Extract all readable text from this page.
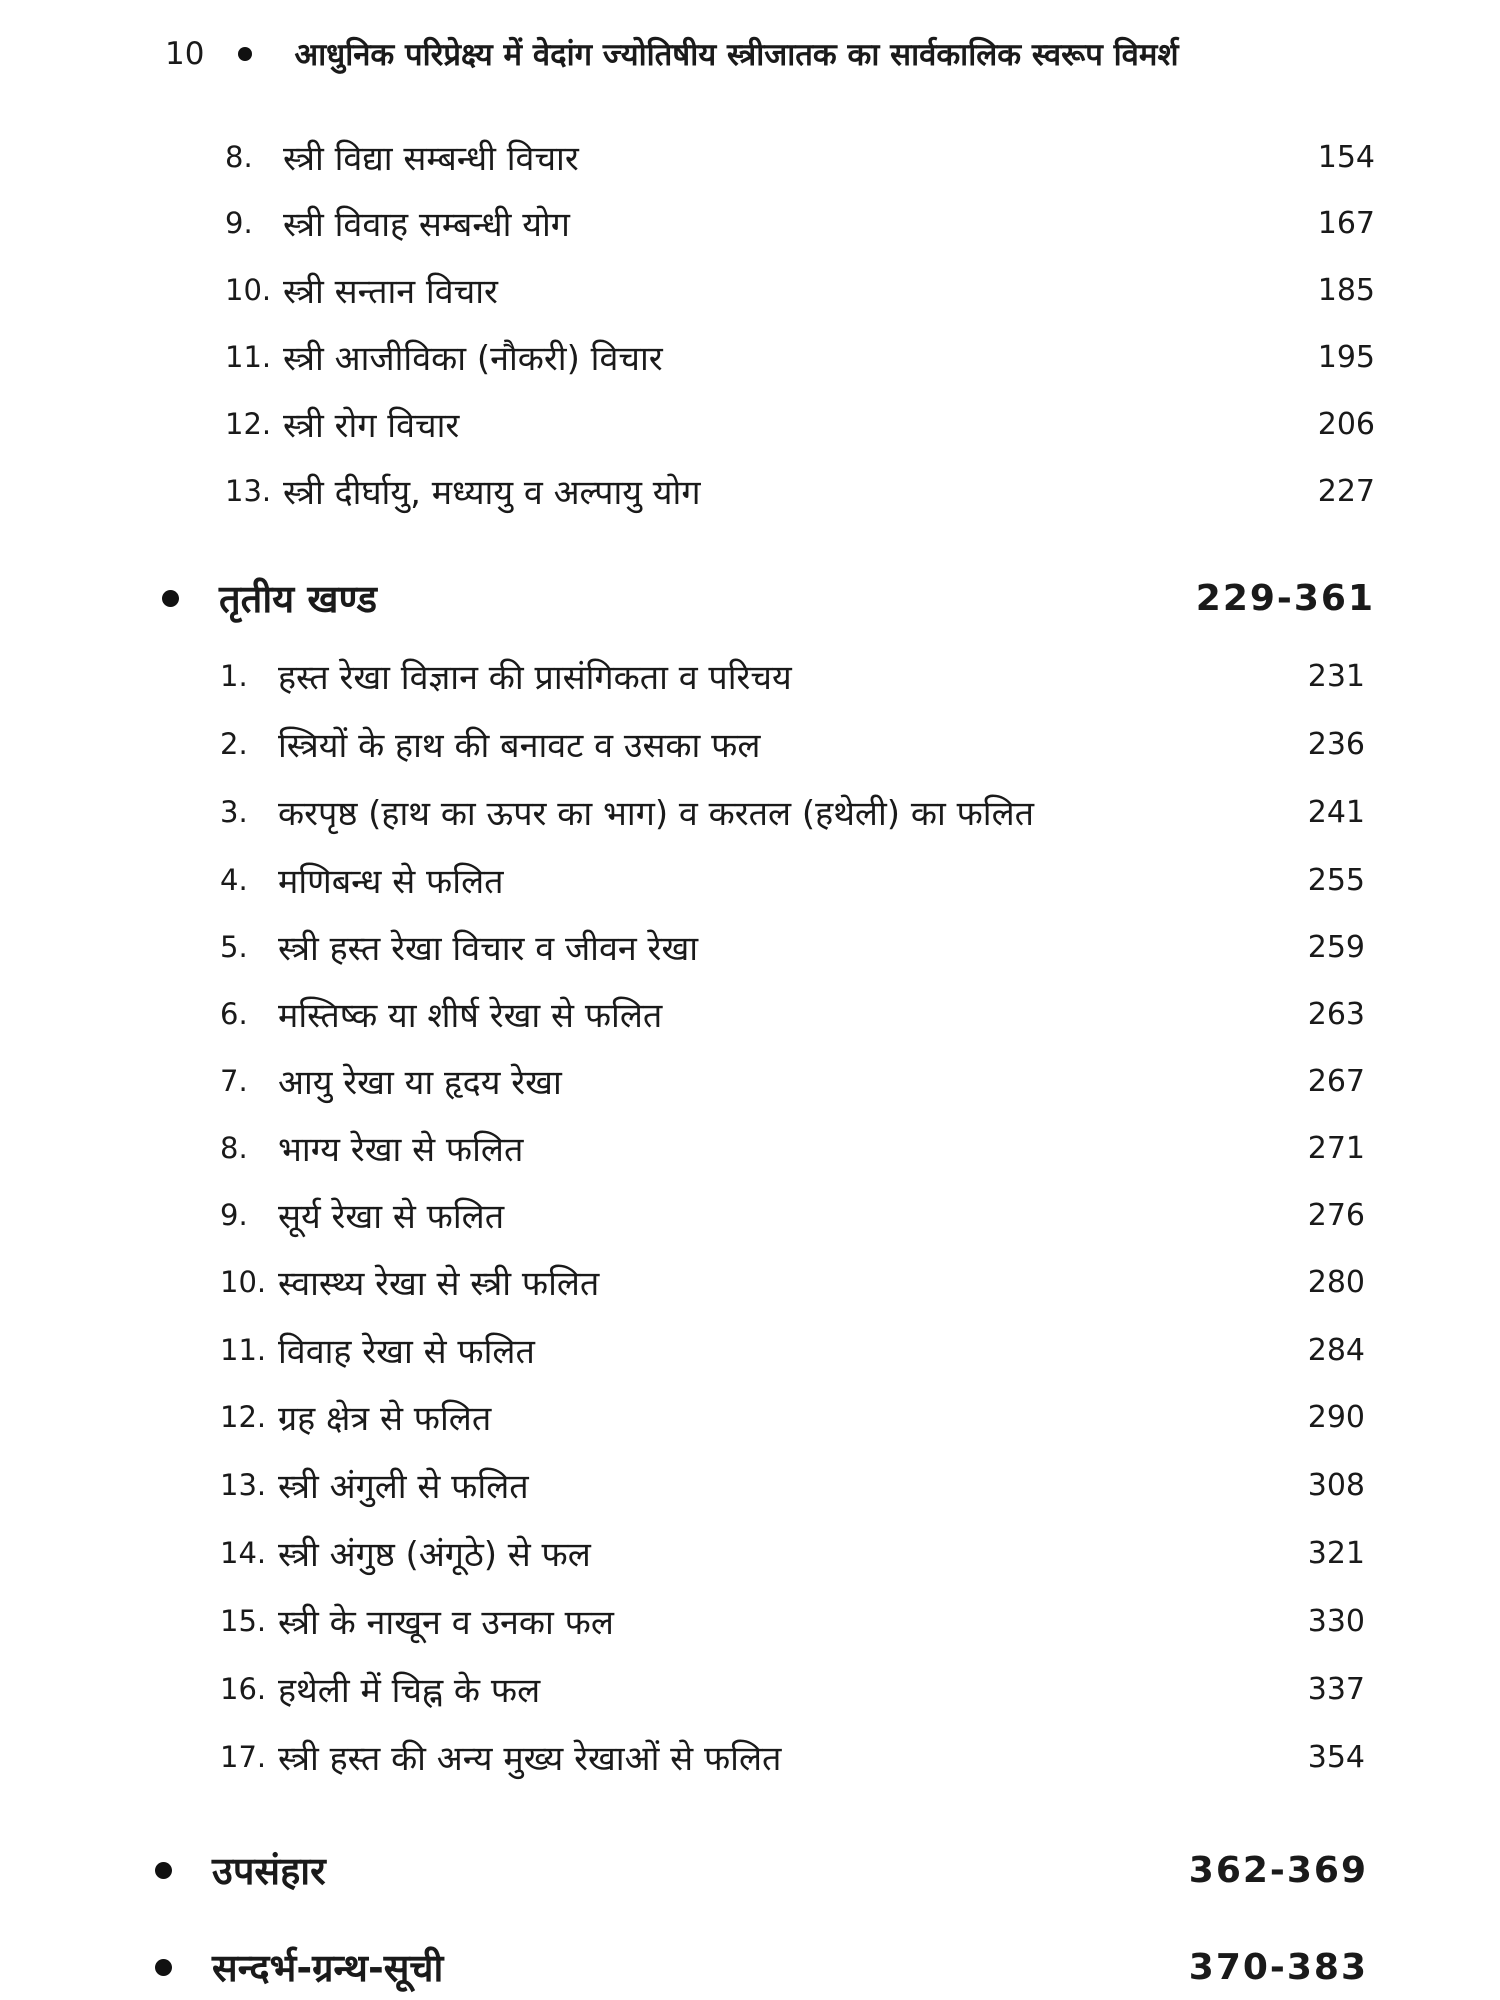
10	आधुनिक परिप्रेक्ष्य में वेदांग ज्योतिषीय स्त्रीजातक का सार्वकालिक स्वरूप विमर्श
8. स्त्री विद्या सम्बन्धी विचार	154
9. स्त्री विवाह सम्बन्धी योग	167
10. स्त्री सन्तान विचार	185
11. स्त्री आजीविका (नौकरी) विचार	195
12. स्त्री रोग विचार	206
13. स्त्री दीर्घायु, मध्यायु व अल्पायु योग	227
तृतीय खण्ड	229-361
1. हस्त रेखा विज्ञान की प्रासंगिकता व परिचय	231
2. स्त्रियों के हाथ की बनावट व उसका फल	236
3. करपृष्ठ (हाथ का ऊपर का भाग) व करतल (हथेली) का फलित	241
4. मणिबन्ध से फलित	255
5. स्त्री हस्त रेखा विचार व जीवन रेखा	259
6. मस्तिष्क या शीर्ष रेखा से फलित	263
7. आयु रेखा या हृदय रेखा	267
8. भाग्य रेखा से फलित	271
9. सूर्य रेखा से फलित	276
10. स्वास्थ्य रेखा से स्त्री फलित	280
11. विवाह रेखा से फलित	284
12. ग्रह क्षेत्र से फलित	290
13. स्त्री अंगुली से फलित	308
14. स्त्री अंगुष्ठ (अंगूठे) से फल	321
15. स्त्री के नाखून व उनका फल	330
16. हथेली में चिह्न के फल	337
17. स्त्री हस्त की अन्य मुख्य रेखाओं से फलित	354
उपसंहार	362-369
सन्दर्भ-ग्रन्थ-सूची	370-383
